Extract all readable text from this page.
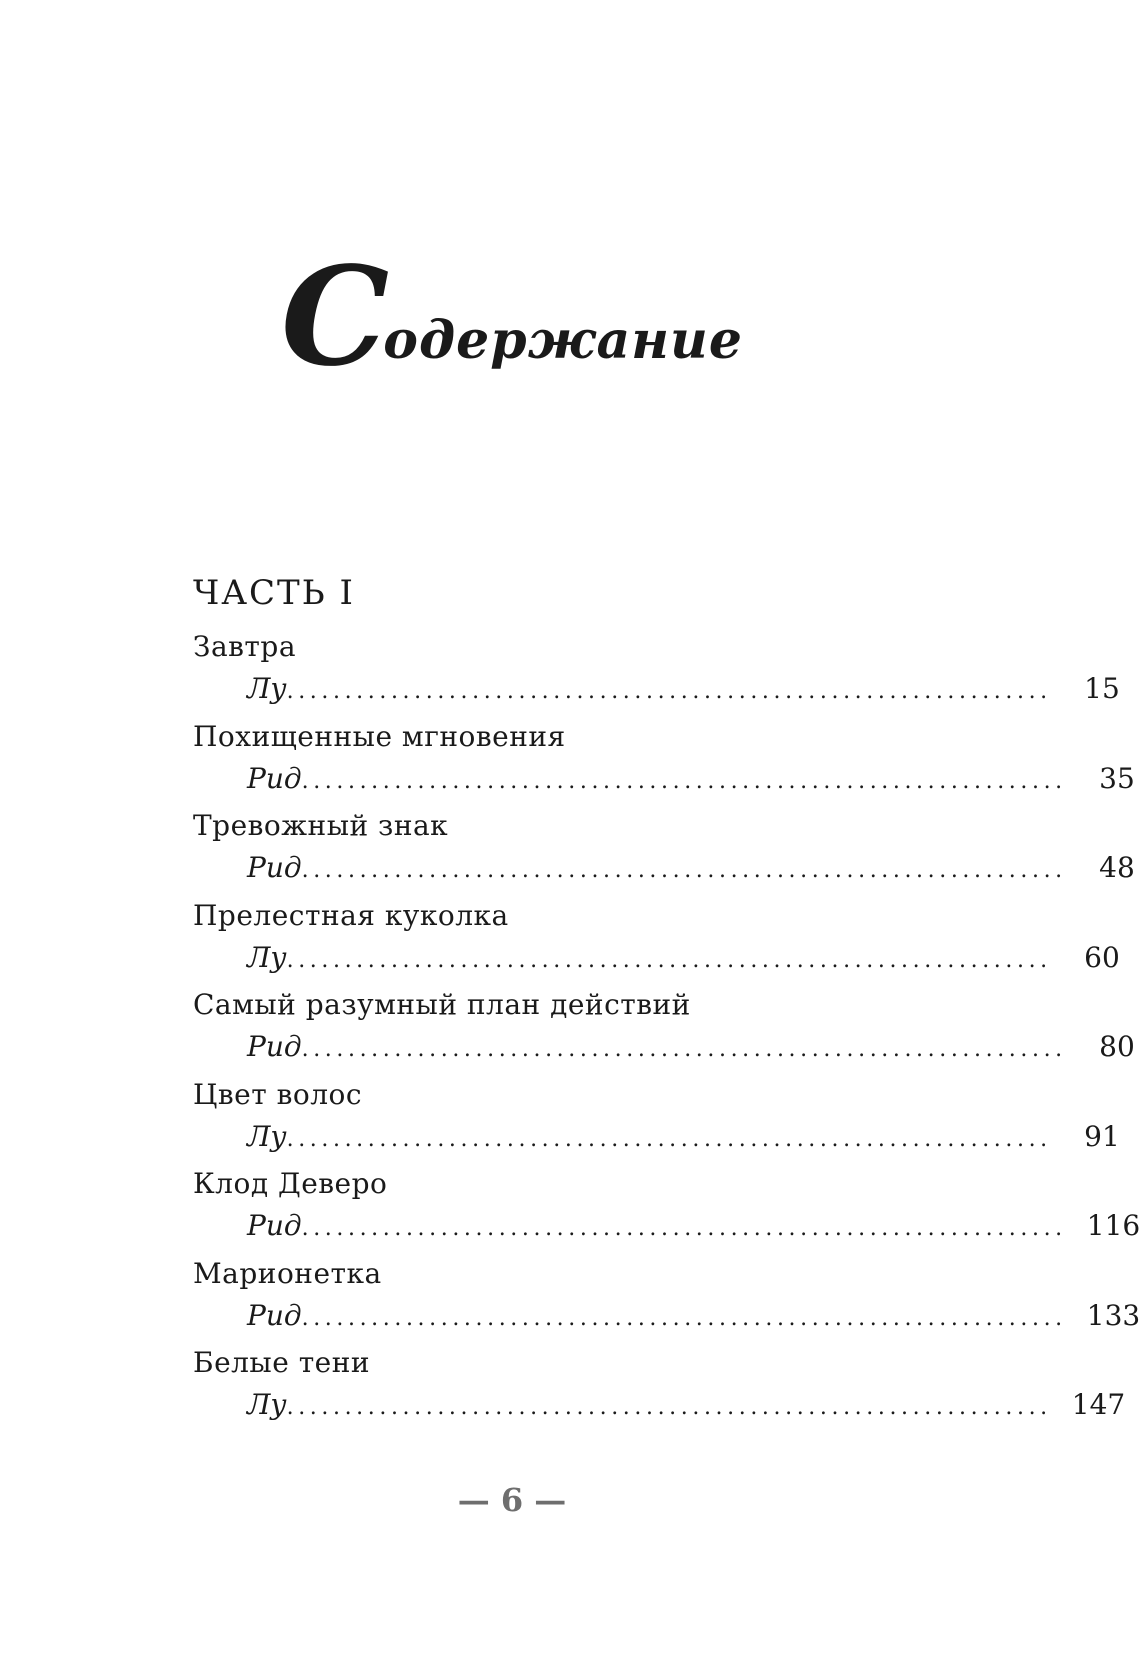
Содержание
ЧАСТЬ I
Завтра
Лу ..................................................................	15
Похищенные мгновения
Рид ..................................................................	35
Тревожный знак
Рид ..................................................................	48
Прелестная куколка
Лу ..................................................................	60
Самый разумный план действий
Рид ..................................................................	80
Цвет волос
Лу ..................................................................	91
Клод Деверо
Рид .................................................................. 116
Марионетка
Рид .................................................................. 133
Белые тени
Лу .................................................................. 147
— 6 —
